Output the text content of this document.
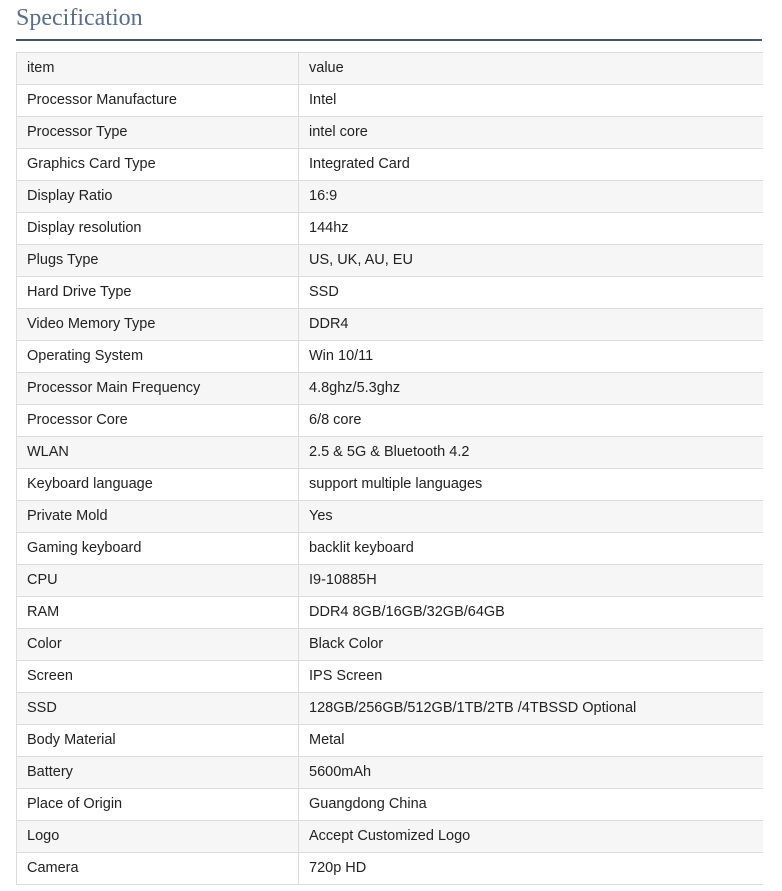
Specification
item	value
Processor Manufacture	Intel
Processor Type	intel core
Graphics Card Type	Integrated Card
Display Ratio	16:9
Display resolution	144hz
Plugs Type	US, UK, AU, EU
Hard Drive Type	SSD
Video Memory Type	DDR4
Operating System	Win 10/11
Processor Main Frequency	4.8ghz/5.3ghz
Processor Core	6/8 core
WLAN	2.5 & 5G & Bluetooth 4.2
Keyboard language	support multiple languages
Private Mold	Yes
Gaming keyboard	backlit keyboard
CPU	I9-10885H
RAM	DDR4 8GB/16GB/32GB/64GB
Color	Black Color
Screen	IPS Screen
SSD	128GB/256GB/512GB/1TB/2TB /4TBSSD Optional
Body Material	Metal
Battery	5600mAh
Place of Origin	Guangdong China
Logo	Accept Customized Logo
Camera	720p HD
